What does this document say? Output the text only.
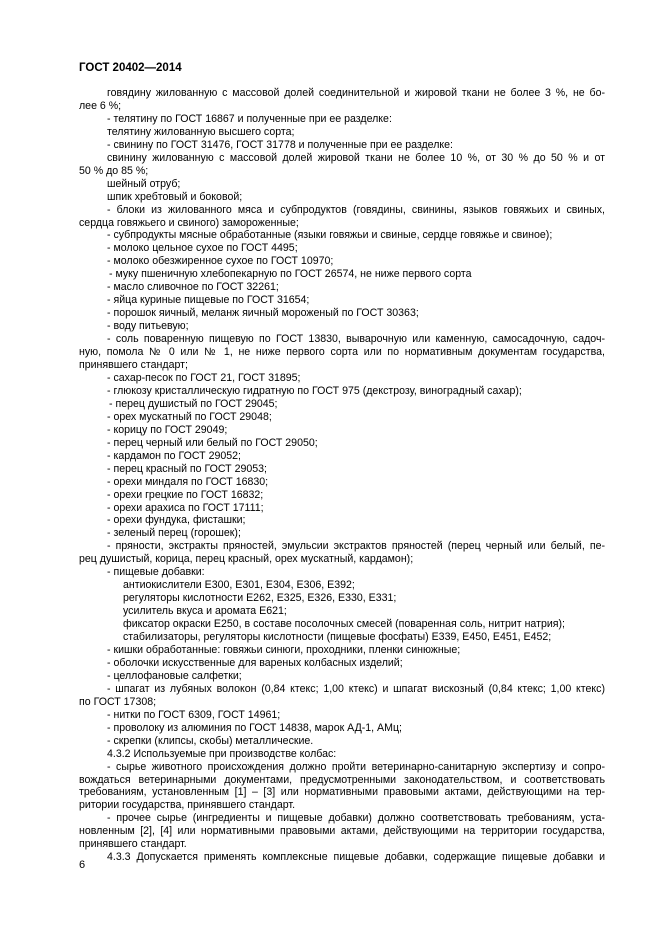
ГОСТ 20402—2014

говядину жилованную с массовой долей соединительной и жировой ткани не более 3 %, не бо-

лее 6 %;

- телятину по ГОСТ 16867 и полученные при ее разделке:

телятину жилованную высшего сорта;

- свинину по ГОСТ 31476, ГОСТ 31778 и полученные при ее разделке:

свинину жилованную с массовой долей жировой ткани не более 10 %, от 30 % до 50 % и от

50 % до 85 %;

шейный отруб;

шпик хребтовый и боковой;

- блоки из жилованного мяса и субпродуктов (говядины, свинины, языков говяжьих и свиных,

сердца говяжьего и свиного) замороженные;

- субпродукты мясные обработанные (языки говяжьи и свиные, сердце говяжье и свиное);

- молоко цельное сухое по ГОСТ 4495;

- молоко обезжиренное сухое по ГОСТ 10970;

- муку пшеничную хлебопекарную по ГОСТ 26574, не ниже первого сорта

- масло сливочное по ГОСТ 32261;

- яйца куриные пищевые по ГОСТ 31654;

- порошок яичный, меланж яичный мороженый по ГОСТ 30363;

- воду питьевую;

- соль поваренную пищевую по ГОСТ 13830, выварочную или каменную, самосадочную, садоч-

ную, помола № 0 или № 1, не ниже первого сорта или по нормативным документам государства,

принявшего стандарт;

- сахар-песок по ГОСТ 21, ГОСТ 31895;

- глюкозу кристаллическую гидратную по ГОСТ 975 (декстрозу, виноградный сахар);

- перец душистый по ГОСТ 29045;

- орех мускатный по ГОСТ 29048;

- корицу по ГОСТ 29049;

- перец черный или белый по ГОСТ 29050;

- кардамон по ГОСТ 29052;

- перец красный по ГОСТ 29053;

- орехи миндаля по ГОСТ 16830;

- орехи грецкие по ГОСТ 16832;

- орехи арахиса по ГОСТ 17111;

- орехи фундука, фисташки;

- зеленый перец (горошек);

- пряности, экстракты пряностей, эмульсии экстрактов пряностей (перец черный или белый, пе-

рец душистый, корица, перец красный, орех мускатный, кардамон);

- пищевые добавки:

антиокислители Е300, Е301, Е304, Е306, Е392;

регуляторы кислотности Е262, Е325, Е326, Е330, Е331;

усилитель вкуса и аромата Е621;

фиксатор окраски Е250, в составе посолочных смесей (поваренная соль, нитрит натрия);

стабилизаторы, регуляторы кислотности (пищевые фосфаты) Е339, Е450, Е451, Е452;

- кишки обработанные: говяжьи синюги, проходники, пленки синюжные;

- оболочки искусственные для вареных колбасных изделий;

- целлофановые салфетки;

- шпагат из лубяных волокон (0,84 ктекс; 1,00 ктекс) и шпагат вискозный (0,84 ктекс; 1,00 ктекс)

по ГОСТ 17308;

- нитки по ГОСТ 6309, ГОСТ 14961;

- проволоку из алюминия по ГОСТ 14838, марок АД-1, АМц;

- скрепки (клипсы, скобы) металлические.

4.3.2 Используемые при производстве колбас:

- сырье животного происхождения должно пройти ветеринарно-санитарную экспертизу и сопро-

вождаться ветеринарными документами, предусмотренными законодательством, и соответствовать

требованиям, установленным [1] – [3] или нормативными правовыми актами, действующими на тер-

ритории государства, принявшего стандарт.

- прочее сырье (ингредиенты и пищевые добавки) должно соответствовать требованиям, уста-

новленным [2], [4] или нормативными правовыми актами, действующими на территории государства,

принявшего стандарт.

4.3.3 Допускается применять комплексные пищевые добавки, содержащие пищевые добавки и

6
